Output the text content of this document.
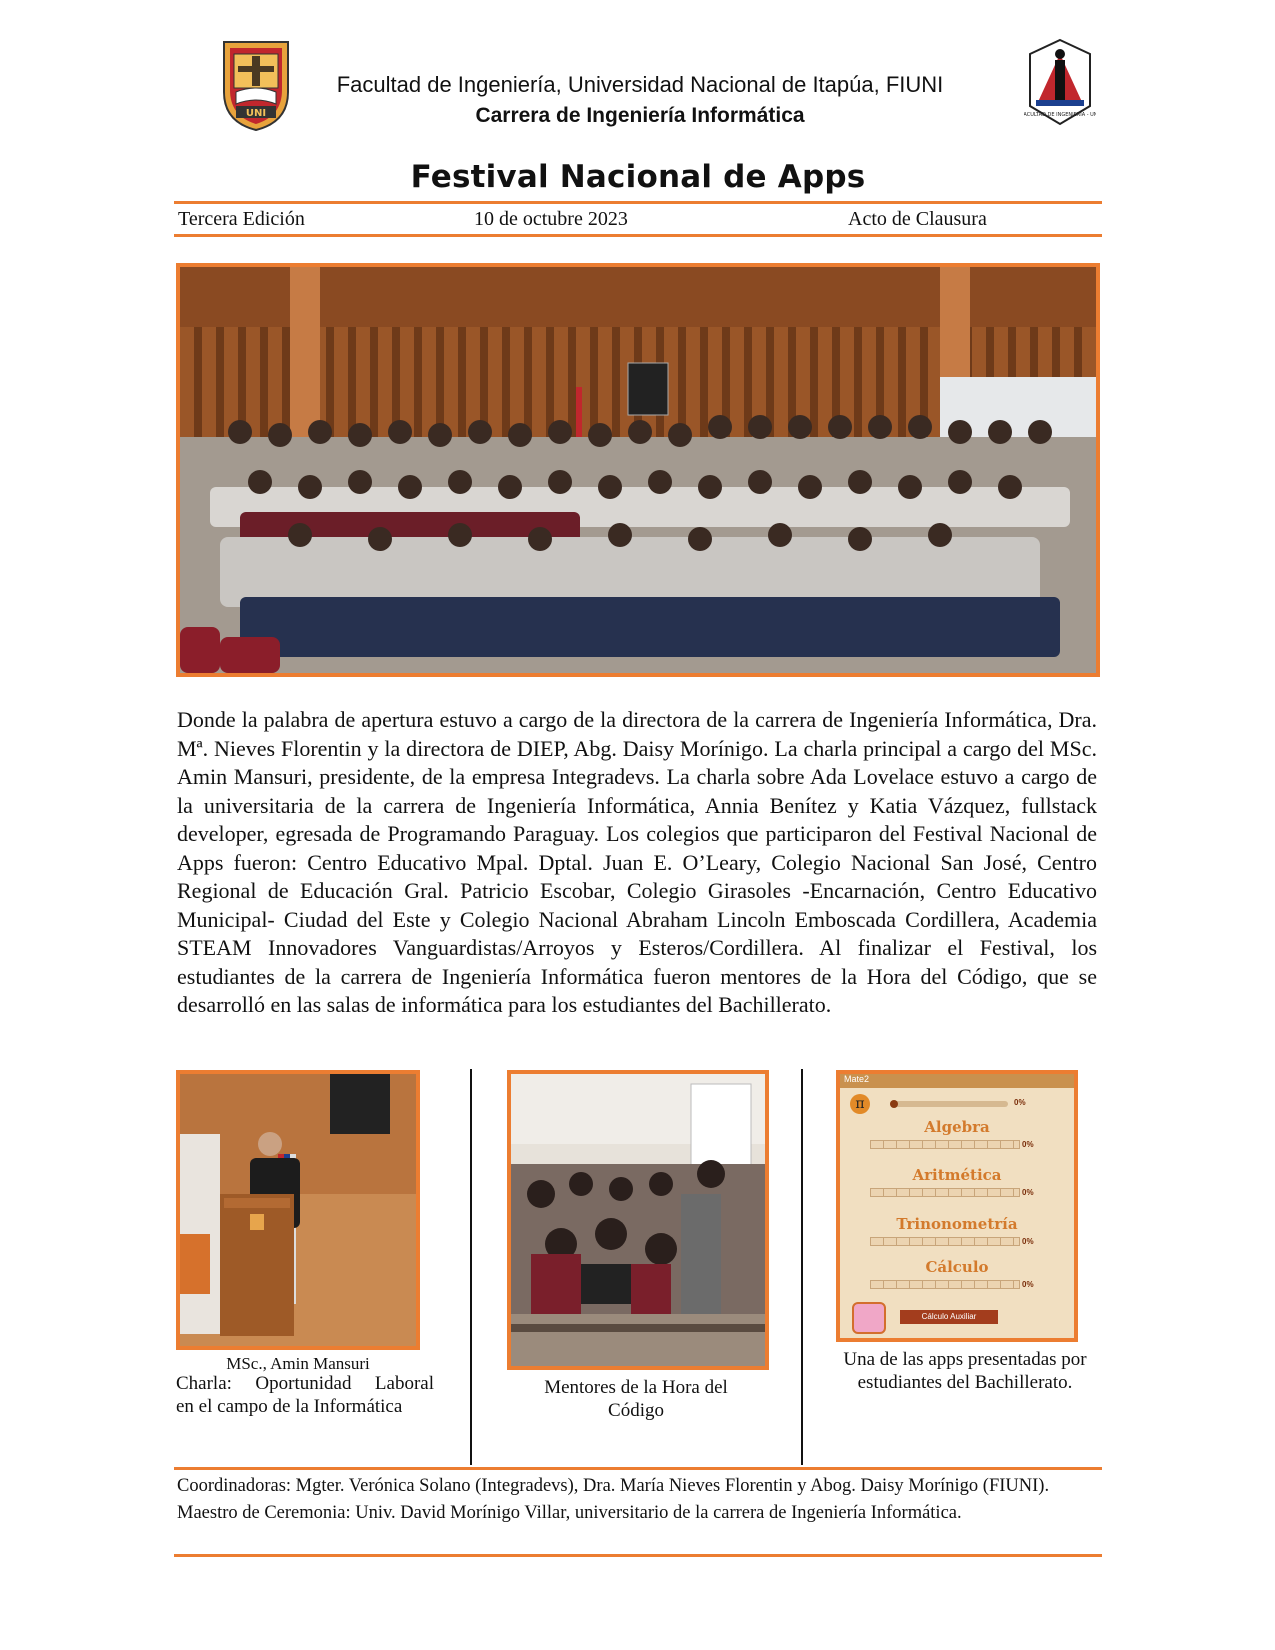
UNI	FACULTAD DE INGENIERÍA - UNI
Facultad de Ingeniería, Universidad Nacional de Itapúa, FIUNI
Carrera de Ingeniería Informática
Festival Nacional de Apps
Tercera Edición	10 de octubre 2023	Acto de Clausura
Donde la palabra de apertura estuvo a cargo de la directora de la carrera de Ingeniería Informática, Dra. Mª. Nieves Florentin y la directora de DIEP, Abg. Daisy Morínigo. La charla principal a cargo del MSc. Amin Mansuri, presidente, de la empresa Integradevs. La charla sobre Ada Lovelace estuvo a cargo de la universitaria de la carrera de Ingeniería Informática, Annia Benítez y Katia Vázquez, fullstack developer, egresada de Programando Paraguay. Los colegios que participaron del Festival Nacional de Apps fueron: Centro Educativo Mpal. Dptal. Juan E. O’Leary, Colegio Nacional San José, Centro Regional de Educación Gral. Patricio Escobar, Colegio Girasoles -Encarnación, Centro Educativo Municipal- Ciudad del Este y Colegio Nacional Abraham Lincoln Emboscada Cordillera, Academia STEAM Innovadores Vanguardistas/Arroyos y Esteros/Cordillera. Al finalizar el Festival, los estudiantes de la carrera de Ingeniería Informática fueron mentores de la Hora del Código, que se desarrolló en las salas de informática para los estudiantes del Bachillerato.
MSc., Amin Mansuri
Charla: Oportunidad Laboral
en el campo de la Informática
Mentores de la Hora del Código
Mate2
π	0%
Algebra
0%
Aritmética
0%
Trinonometría
0%
Cálculo
0%
Cálculo Auxiliar
Una de las apps presentadas por estudiantes del Bachillerato.
Coordinadoras: Mgter. Verónica Solano (Integradevs), Dra. María Nieves Florentin y Abog. Daisy Morínigo (FIUNI). Maestro de Ceremonia: Univ. David Morínigo Villar, universitario de la carrera de Ingeniería Informática.
